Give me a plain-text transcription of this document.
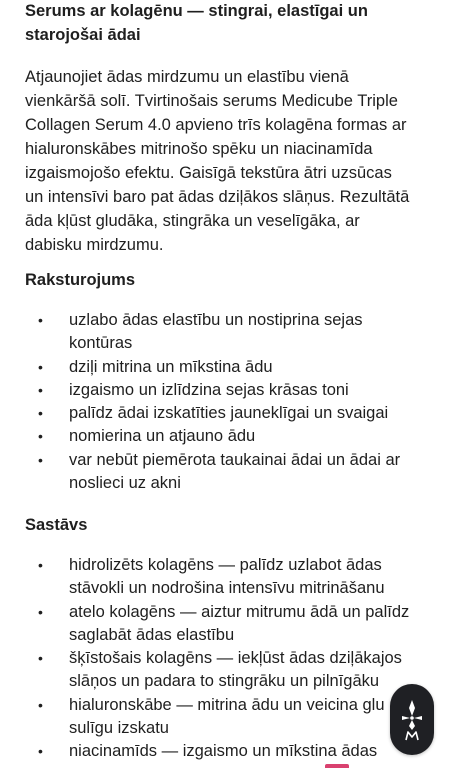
Serums ar kolagēnu — stingrai, elastīgai un
starojošai ādai

Atjaunojiet ādas mirdzumu un elastību vienā
vienkāršā solī. Tvirtinošais serums Medicube Triple
Collagen Serum 4.0 apvieno trīs kolagēna formas ar
hialuronskābes mitrinošo spēku un niacinamīda
izgaismojošo efektu. Gaisīgā tekstūra ātri uzsūcas
un intensīvi baro pat ādas dziļākos slāņus. Rezultātā
āda kļūst gludāka, stingrāka un veselīgāka, ar
dabisku mirdzumu.

Raksturojums
•	uzlabo ādas elastību un nostiprina sejas
kontūras
•	dziļi mitrina un mīkstina ādu
•	izgaismo un izlīdzina sejas krāsas toni
•	palīdz ādai izskatīties jauneklīgai un svaigai
•	nomierina un atjauno ādu
•	var nebūt piemērota taukainai ādai un ādai ar
noslieci uz akni
Sastāvs
•	hidrolizēts kolagēns — palīdz uzlabot ādas
stāvokli un nodrošina intensīvu mitrināšanu
•	atelo kolagēns — aiztur mitrumu ādā un palīdz
saglabāt ādas elastību
•	šķīstošais kolagēns — iekļūst ādas dziļākajos
slāņos un padara to stingrāku un pilnīgāku
•	hialuronskābe — mitrina ādu un veicina glu
sulīgu izskatu
•	niacinamīds — izgaismo un mīkstina ādas
